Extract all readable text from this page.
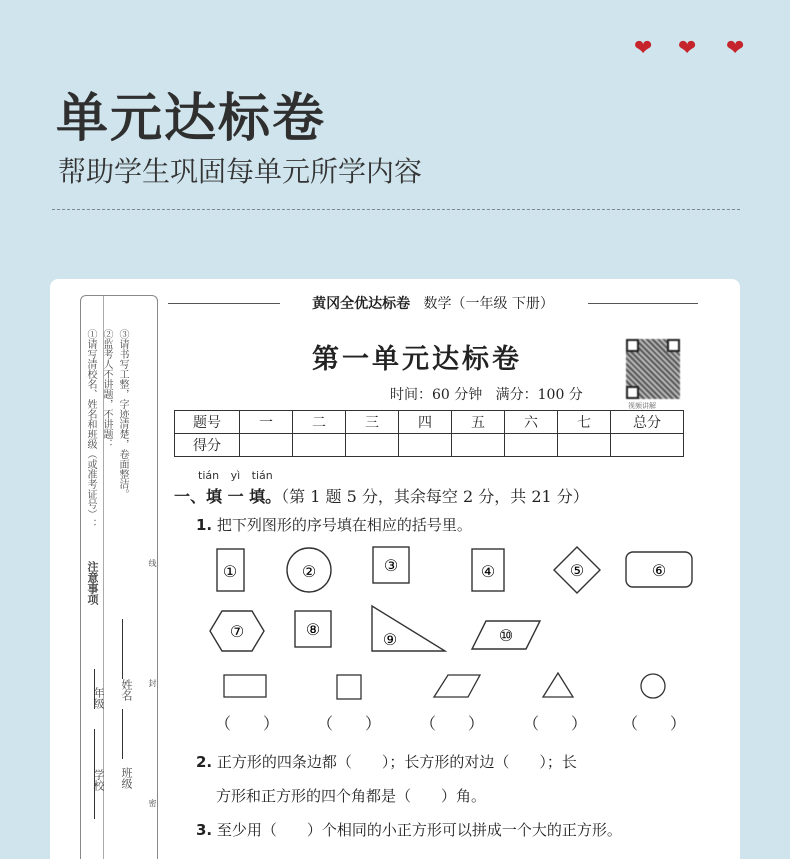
❤ ❤ ❤
单元达标卷
帮助学生巩固每单元所学内容
①请写清校名、姓名和班级（或准考证号）： ②监考人不讲题，不讲题： ③请书写工整，字迹清楚，卷面整洁。
注意事项
年级
学校
姓名
班级
线
封
密
黄冈全优达标卷 数学（一年级 下册）
第一单元达标卷
视频讲解
时间：60 分钟 满分：100 分
题号	一	二	三	四	五	六	七	总分
得分								
tián yì tián
一、填 一 填。（第 1 题 5 分，其余每空 2 分，共 21 分）
1. 把下列图形的序号填在相应的括号里。
①	②	③	④	⑤	⑥
⑦	⑧
⑨	⑩
（　　） （　　） （　　） （　　） （　　）
2. 正方形的四条边都（　　）；长方形的对边（　　）；长
方形和正方形的四个角都是（　　）角。
3. 至少用（　　）个相同的小正方形可以拼成一个大的正方形。
